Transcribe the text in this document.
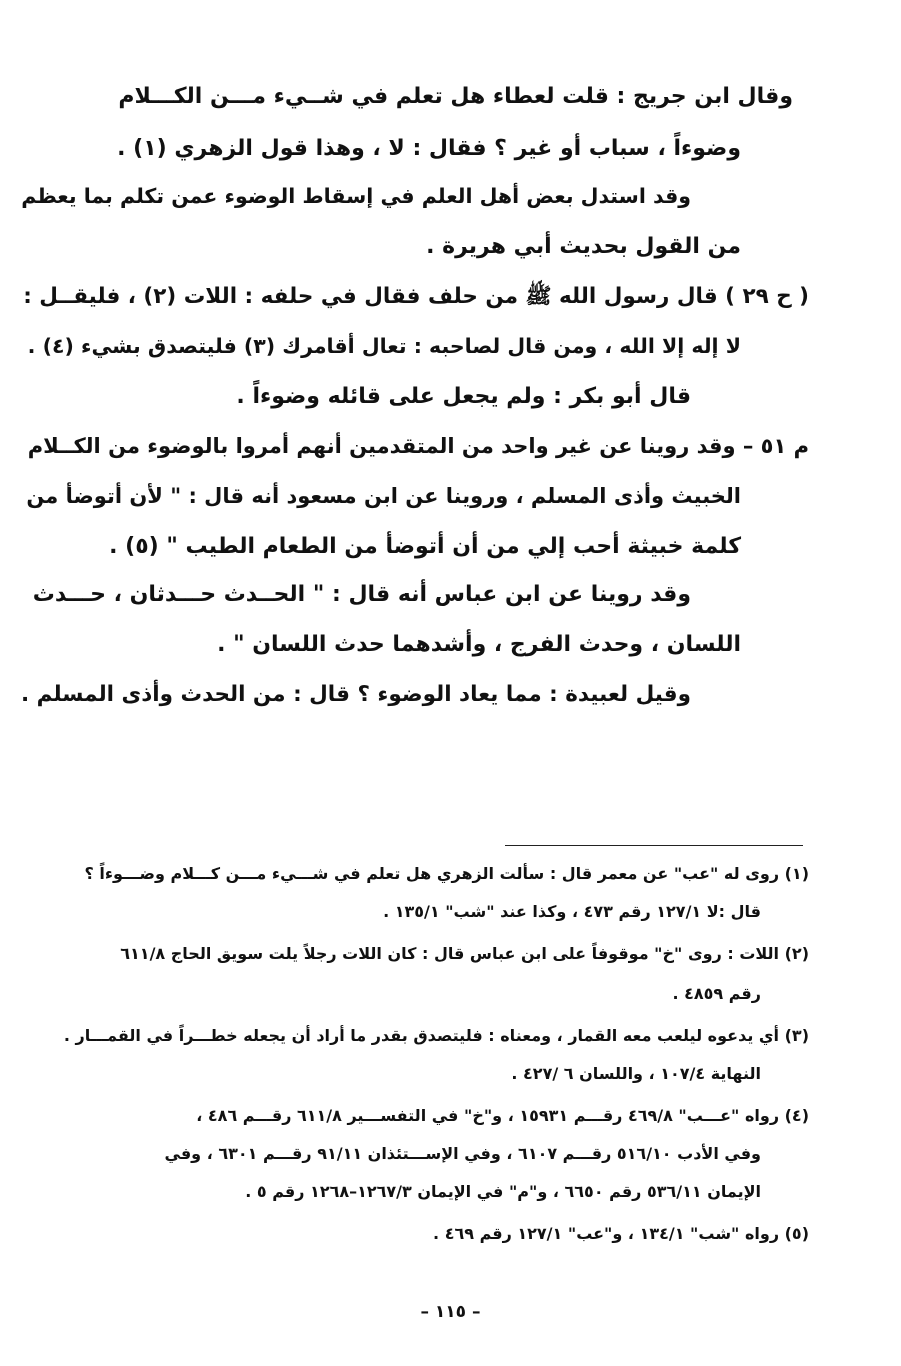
وقال ابن جريج : قلت لعطاء هل تعلم في شــيء مـــن الكـــلام
وضوءاً ، سباب أو غير ؟ فقال : لا ، وهذا قول الزهري (١) .
وقد استدل بعض أهل العلم في إسقاط الوضوء عمن تكلم بما يعظم
من القول بحديث أبي هريرة .
( ح ٢٩ ) قال رسول الله ﷺ من حلف فقال في حلفه : اللات (٢) ، فليقــل :
لا إله إلا الله ، ومن قال لصاحبه : تعال أقامرك (٣) فليتصدق بشيء (٤) .
قال أبو بكر : ولم يجعل على قائله وضوءاً .
م ٥١ – وقد روينا عن غير واحد من المتقدمين أنهم أمروا بالوضوء من الكــلام
الخبيث وأذى المسلم ، وروينا عن ابن مسعود أنه قال : " لأن أتوضأ من
كلمة خبيثة أحب إلي من أن أتوضأ من الطعام الطيب " (٥) .
وقد روينا عن ابن عباس أنه قال : " الحــدث حـــدثان ، حـــدث
اللسان ، وحدث الفرج ، وأشدهما حدث اللسان " .
وقيل لعبيدة : مما يعاد الوضوء ؟ قال : من الحدث وأذى المسلم .
(١) روى له "عب" عن معمر قال : سألت الزهري هل تعلم في شـــيء مـــن كـــلام وضـــوءاً ؟
قال :لا ١٢٧/١ رقم ٤٧٣ ، وكذا عند "شب" ١٣٥/١ .
(٢) اللات : روى "خ" موقوفاً على ابن عباس قال : كان اللات رجلاً يلت سويق الحاج ٦١١/٨
رقم ٤٨٥٩ .
(٣) أي يدعوه ليلعب معه القمار ، ومعناه : فليتصدق بقدر ما أراد أن يجعله خطـــراً في القمـــار .
النهاية ١٠٧/٤ ، واللسان ٦ /٤٢٧ .
(٤) رواه "عـــب" ٤٦٩/٨ رقـــم ١٥٩٣١ ، و"خ" في التفســـير ٦١١/٨ رقـــم ٤٨٦ ،
وفي الأدب ٥١٦/١٠ رقـــم ٦١٠٧ ، وفي الإســـتئذان ٩١/١١ رقـــم ٦٣٠١ ، وفي
الإيمان ٥٣٦/١١ رقم ٦٦٥٠ ، و"م" في الإيمان ١٢٦٧/٣–١٢٦٨ رقم ٥ .
(٥) رواه "شب" ١٣٤/١ ، و"عب" ١٢٧/١ رقم ٤٦٩ .
– ١١٥ –
